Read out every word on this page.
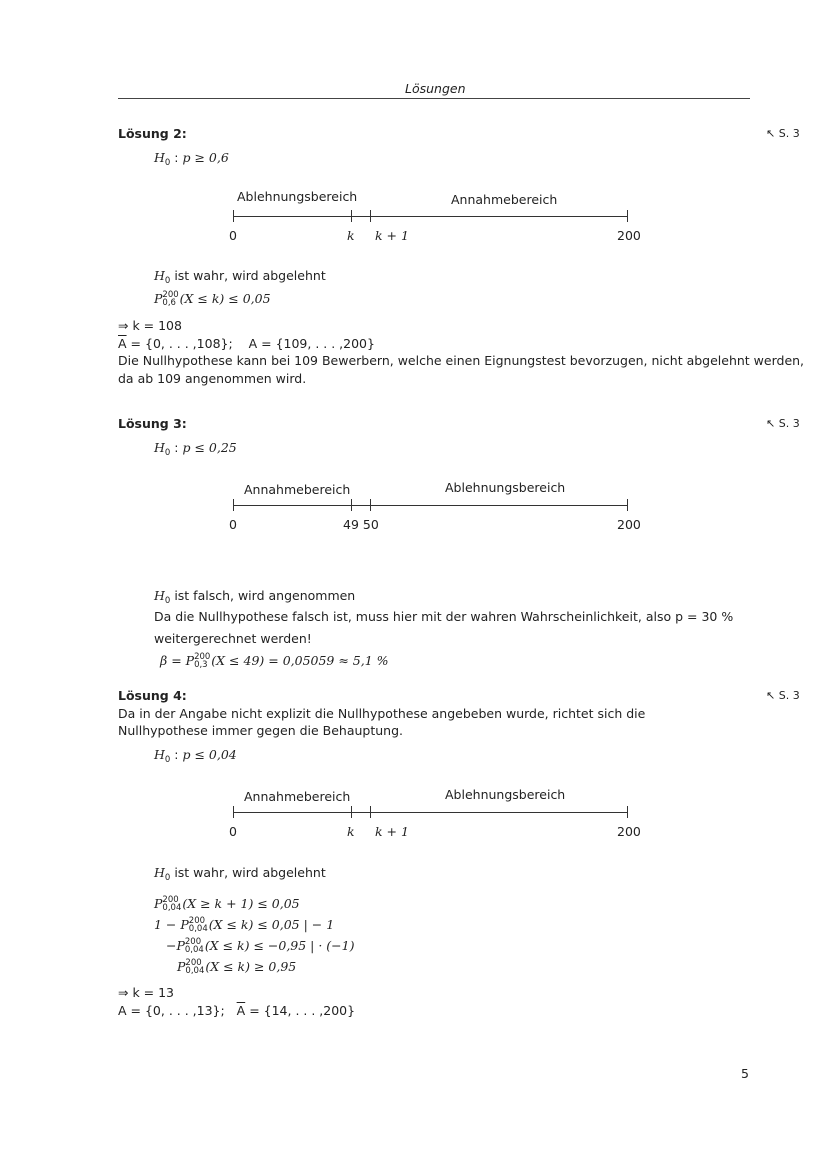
Lösungen
Lösung 2:	↖ S. 3
$H_0$ : p ≥ 0,6
Ablehnungsbereich	Annahmebereich
0	k k + 1	200
$H_0$ ist wahr, wird abgelehnt
P 200
0,6 (X ≤ k) ≤ 0,05
⇒ k = 108
$\overline{A} = \{0$, . . . ,108}; A = {109, . . . ,200}
Die Nullhypothese kann bei 109 Bewerbern, welche einen Eignungstest bevorzugen, nicht abgelehnt werden,
da ab 109 angenommen wird.
Lösung 3:	↖ S. 3
$H_0$ : p ≤ 0,25
Annahmebereich	Ablehnungsbereich
0	49 50	200
$H_0$ ist falsch, wird angenommen
Da die Nullhypothese falsch ist, muss hier mit der wahren Wahrscheinlichkeit, also p = 30 %
weitergerechnet werden!
β = P 200
0,3 (X ≤ 49) = 0,05059 ≈ 5,1 %
Lösung 4:	↖ S. 3
Da in der Angabe nicht explizit die Nullhypothese angebeben wurde, richtet sich die
Nullhypothese immer gegen die Behauptung.
$H_0$ : p ≤ 0,04
Annahmebereich	Ablehnungsbereich
0	k k + 1	200
$H_0$ ist wahr, wird abgelehnt
P 200
0,04 (X ≥ k + 1) ≤ 0,05
1 − P 200
0,04 (X ≤ k) ≤ 0,05 | − 1
−P 200
0,04 (X ≤ k) ≤ −0,95 | · (−1)
P 200
0,04 (X ≤ k) ≥ 0,95
⇒ k = 13
A = {0, . . . ,13}; $\overline{A} = \{14$, . . . ,200}
5
